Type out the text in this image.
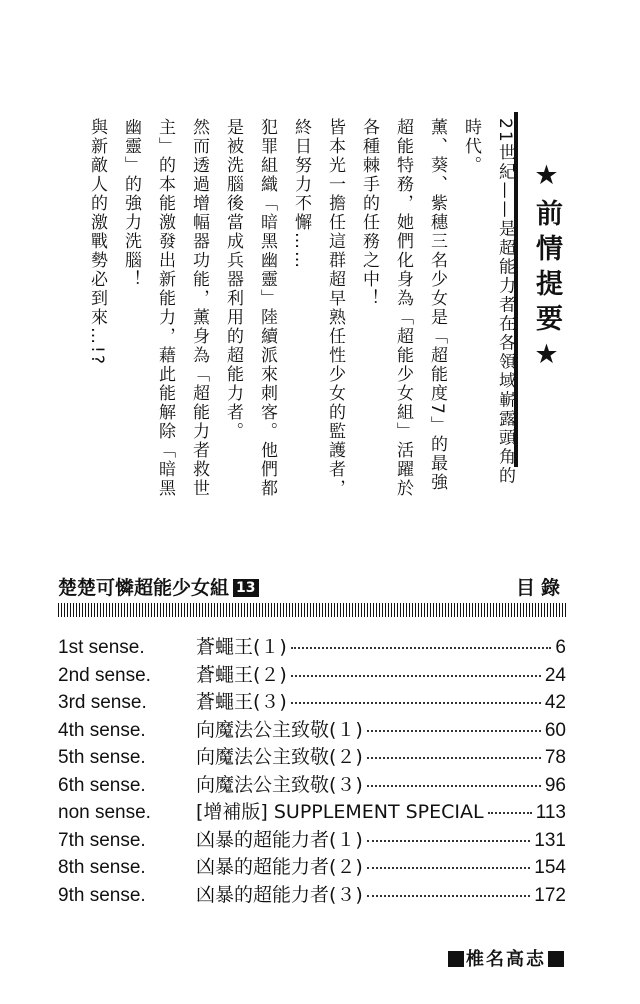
★前情提要★
21世紀——是超能力者在各領域嶄露頭角的時代。
薰、葵、紫穗三名少女是「超能度7」的最強超能特務，她們化身為「超能少女組」活躍於各種棘手的任務之中！
皆本光一擔任這群超早熟任性少女的監護者，終日努力不懈……
犯罪組織「暗黑幽靈」陸續派來刺客。他們都是被洗腦後當成兵器利用的超能力者。
然而透過增幅器功能，薰身為「超能力者救世主」的本能激發出新能力，藉此能解除「暗黑幽靈」的強力洗腦！
與新敵人的激戰勢必到來…!?
楚楚可憐超能少女組 13	目錄
1st sense.	蒼蠅王(１)	6
2nd sense.	蒼蠅王(２)	24
3rd sense.	蒼蠅王(３)	42
4th sense.	向魔法公主致敬(１)	60
5th sense.	向魔法公主致敬(２)	78
6th sense.	向魔法公主致敬(３)	96
non sense.	[增補版] SUPPLEMENT SPECIAL	113
7th sense.	凶暴的超能力者(１)	131
8th sense.	凶暴的超能力者(２)	154
9th sense.	凶暴的超能力者(３)	172
椎名高志
